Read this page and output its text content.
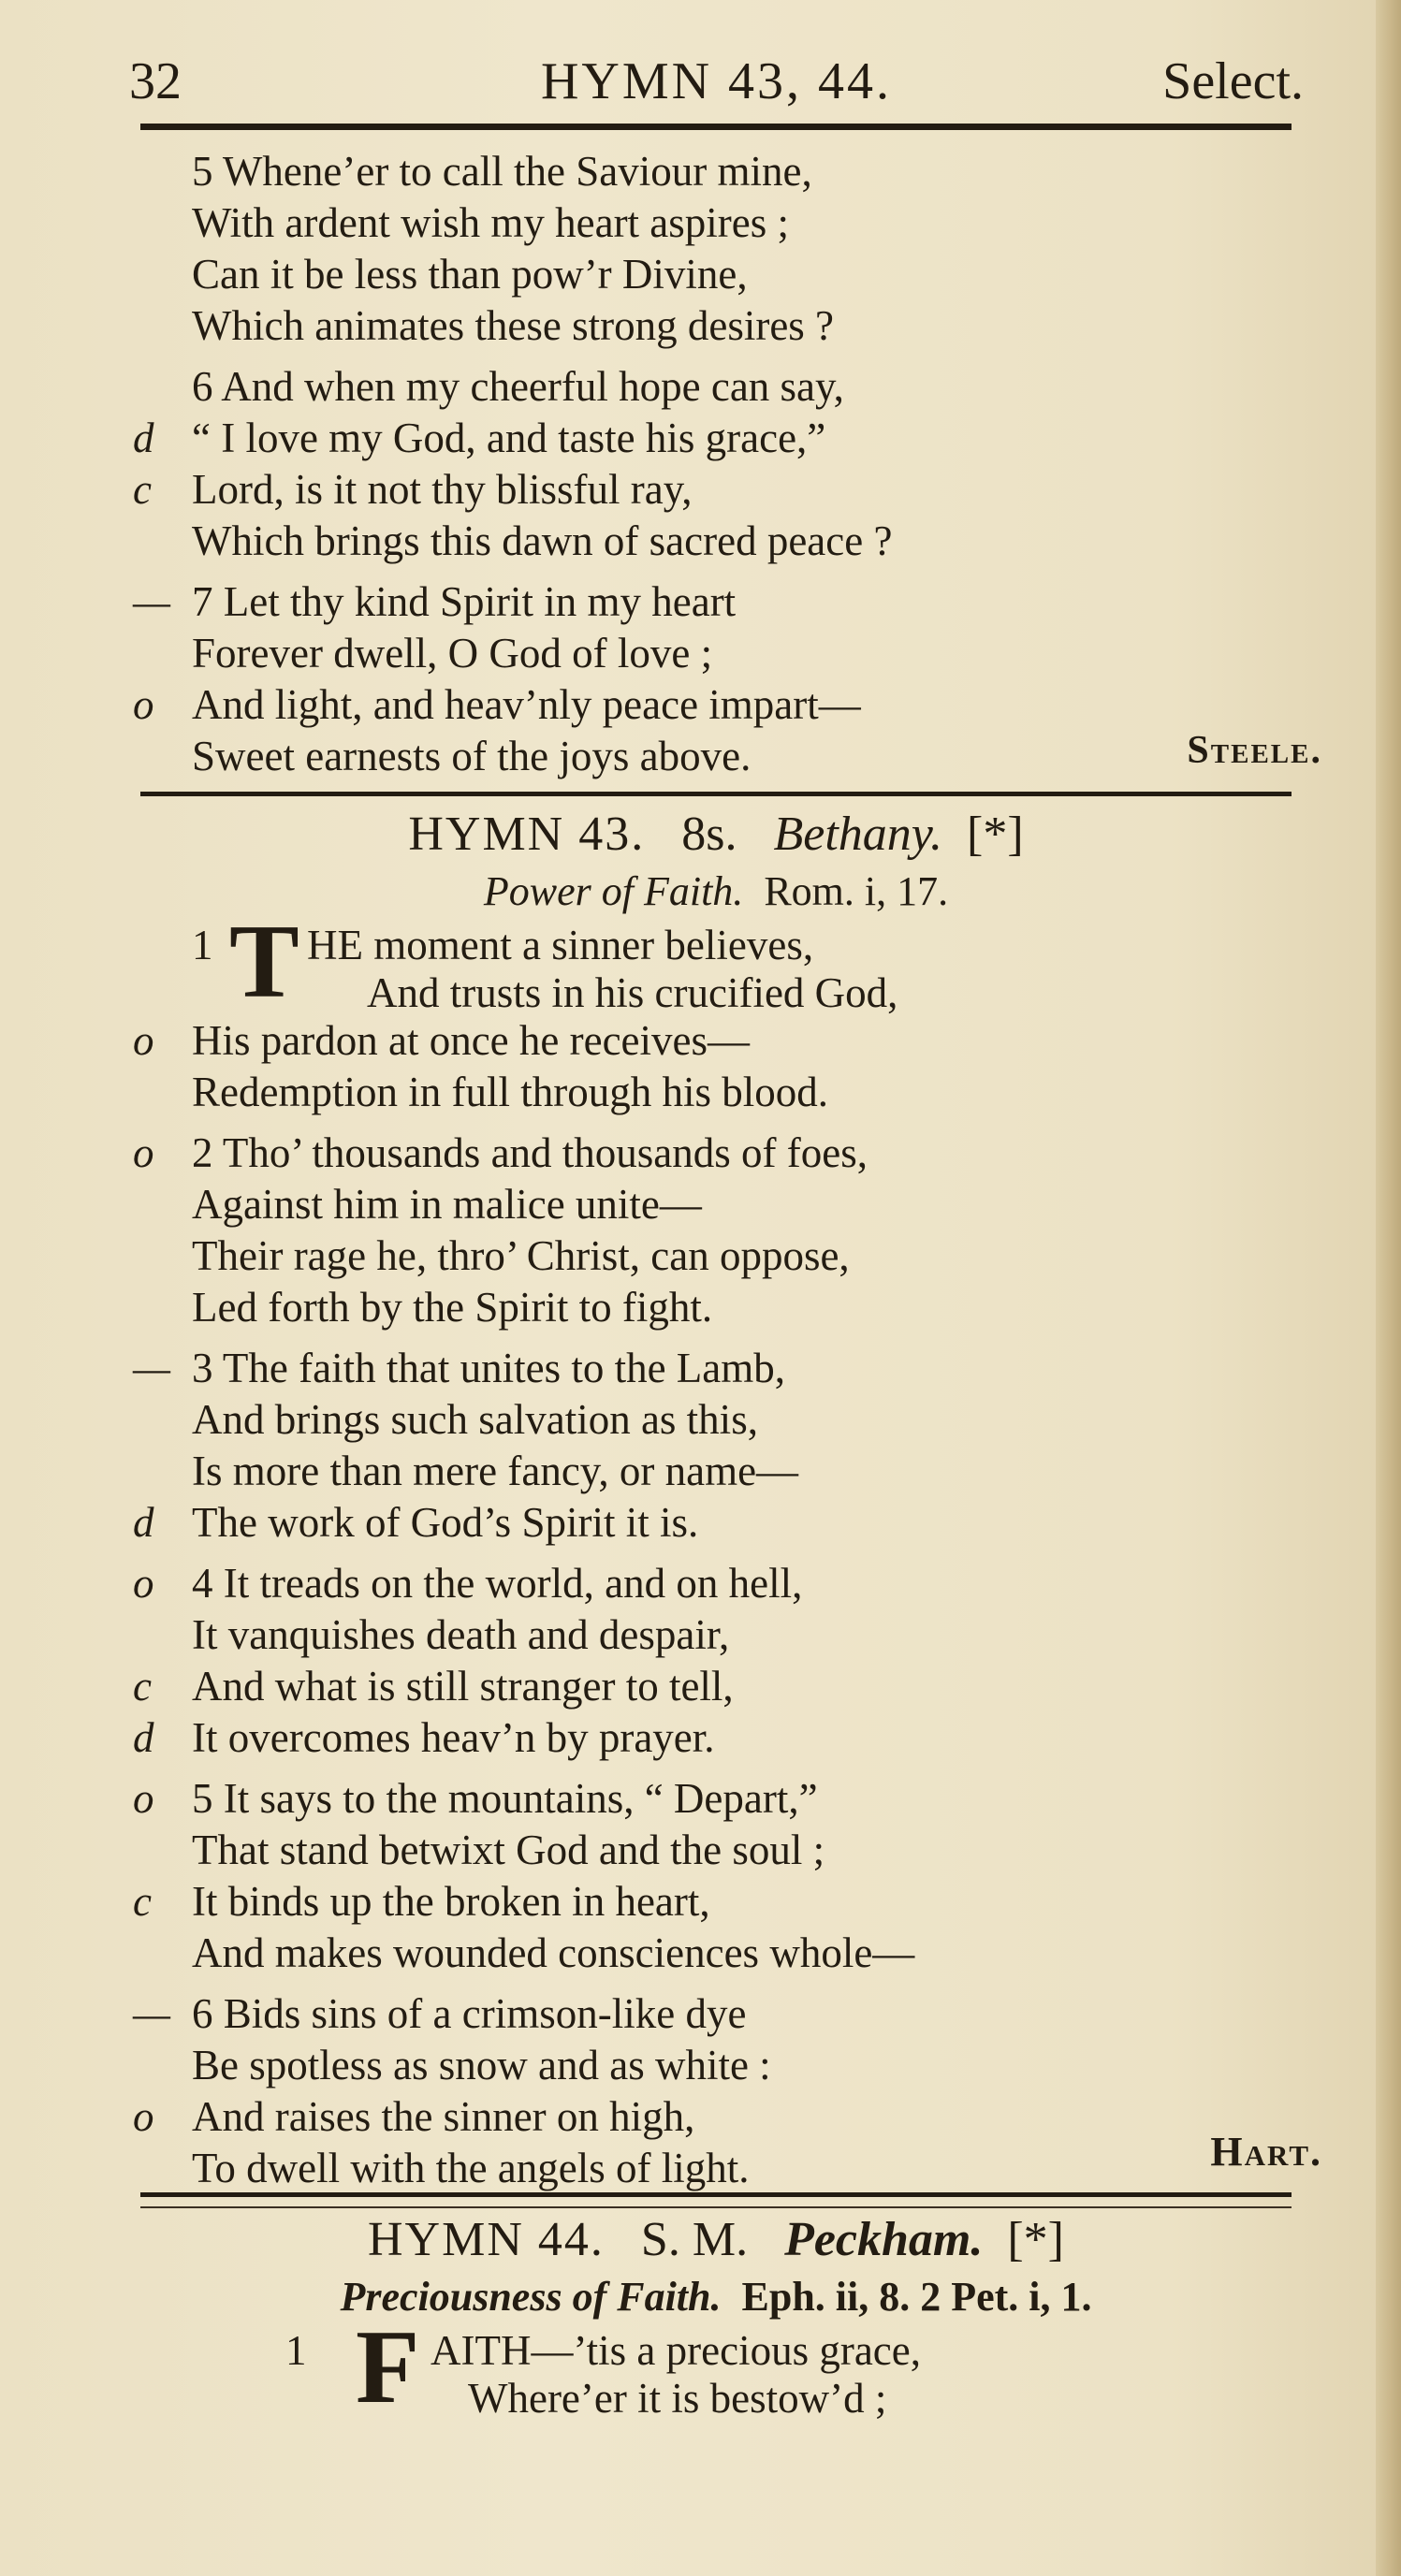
32	HYMN 43, 44.	Select.
5 Whene’er to call the Saviour mine,
With ardent wish my heart aspires ;
Can it be less than pow’r Divine,
Which animates these strong desires ?
6 And when my cheerful hope can say,
d “ I love my God, and taste his grace,”
c Lord, is it not thy blissful ray,
Which brings this dawn of sacred peace ?
— 7 Let thy kind Spirit in my heart
Forever dwell, O God of love ;
o And light, and heav’nly peace impart—
Sweet earnests of the joys above.	Steele.
HYMN 43. 8s. Bethany. [*]
Power of Faith. Rom. i, 17.
1 T HE moment a sinner believes,
And trusts in his crucified God,
o His pardon at once he receives—
Redemption in full through his blood.
o 2 Tho’ thousands and thousands of foes,
Against him in malice unite—
Their rage he, thro’ Christ, can oppose,
Led forth by the Spirit to fight.
— 3 The faith that unites to the Lamb,
And brings such salvation as this,
Is more than mere fancy, or name—
d The work of God’s Spirit it is.
o 4 It treads on the world, and on hell,
It vanquishes death and despair,
c And what is still stranger to tell,
d It overcomes heav’n by prayer.
o 5 It says to the mountains, “ Depart,”
That stand betwixt God and the soul ;
c It binds up the broken in heart,
And makes wounded consciences whole—
— 6 Bids sins of a crimson-like dye
Be spotless as snow and as white :
o And raises the sinner on high,
To dwell with the angels of light.	Hart.
HYMN 44. S. M. Peckham. [*]
Preciousness of Faith. Eph. ii, 8. 2 Pet. i, 1.
1 F AITH—’tis a precious grace,
Where’er it is bestow’d ;
